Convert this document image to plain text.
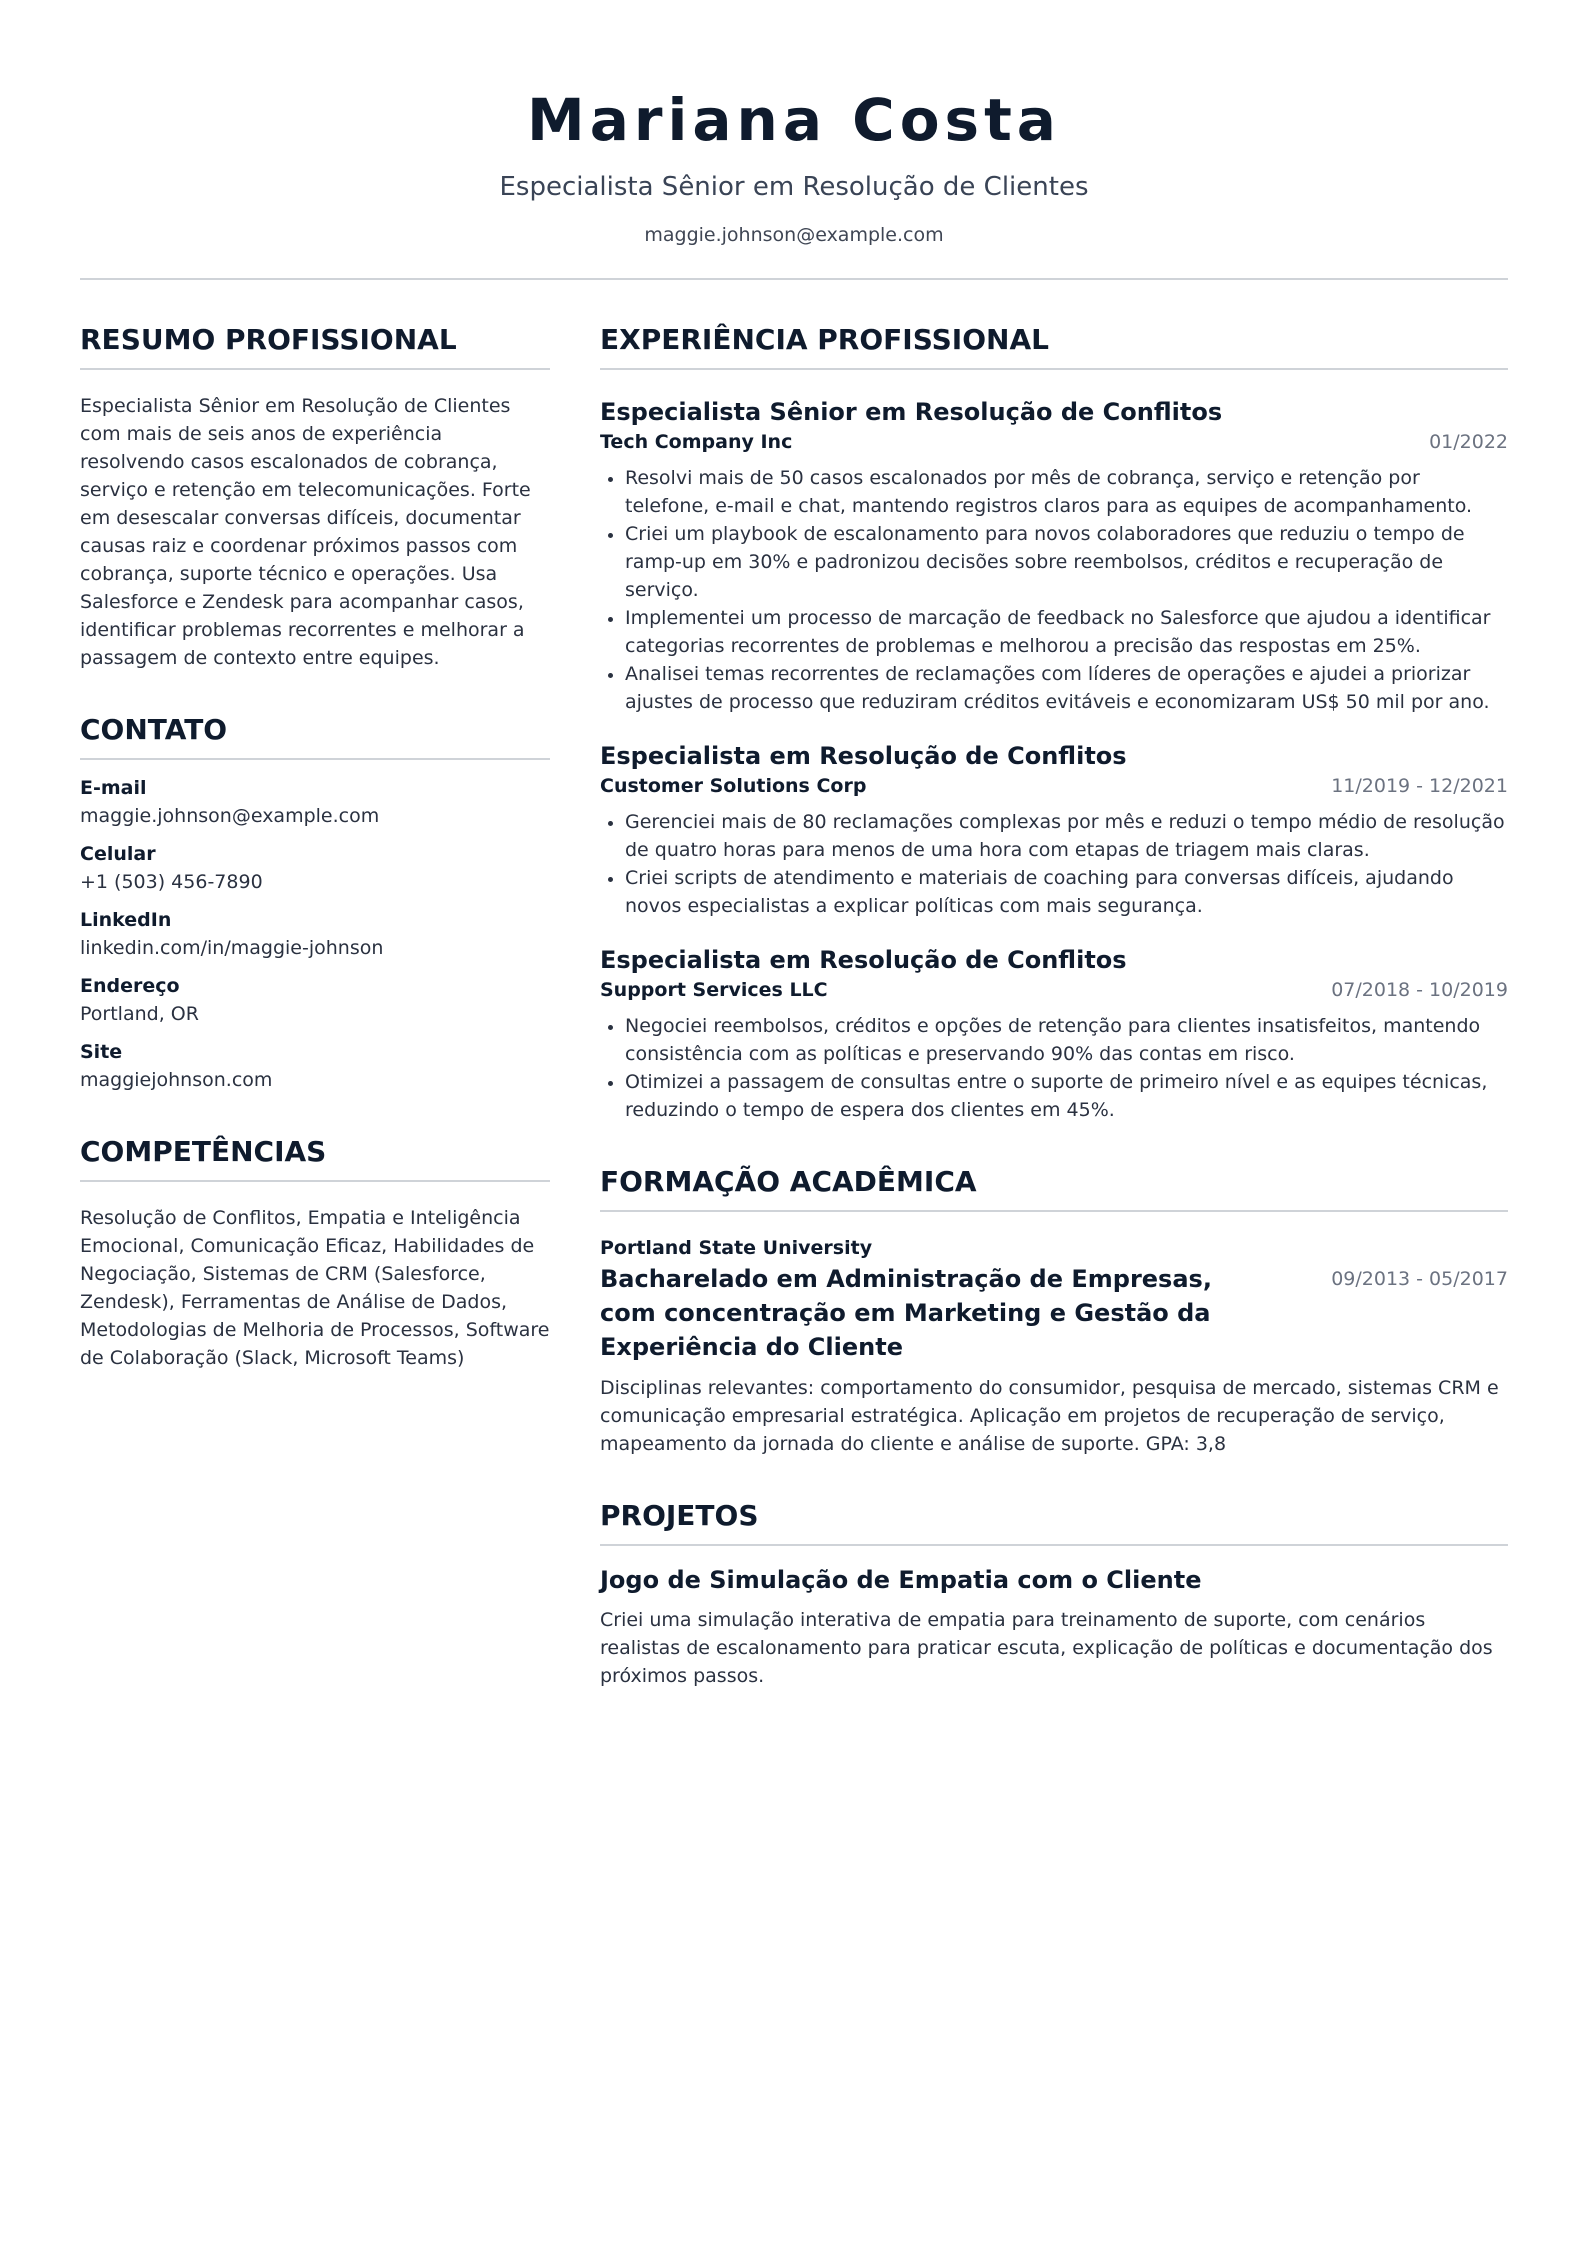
Mariana Costa
Especialista Sênior em Resolução de Clientes
maggie.johnson@example.com
RESUMO PROFISSIONAL
Especialista Sênior em Resolução de Clientes com mais de seis anos de experiência resolvendo casos escalonados de cobrança, serviço e retenção em telecomunicações. Forte em desescalar conversas difíceis, documentar causas raiz e coordenar próximos passos com cobrança, suporte técnico e operações. Usa Salesforce e Zendesk para acompanhar casos, identificar problemas recorrentes e melhorar a passagem de contexto entre equipes.
CONTATO
E-mail
maggie.johnson@example.com
Celular
+1 (503) 456-7890
LinkedIn
linkedin.com/in/maggie-johnson
Endereço
Portland, OR
Site
maggiejohnson.com
COMPETÊNCIAS
Resolução de Conflitos, Empatia e Inteligência Emocional, Comunicação Eficaz, Habilidades de Negociação, Sistemas de CRM (Salesforce, Zendesk), Ferramentas de Análise de Dados, Metodologias de Melhoria de Processos, Software de Colaboração (Slack, Microsoft Teams)
EXPERIÊNCIA PROFISSIONAL
Especialista Sênior em Resolução de Conflitos
Tech Company Inc	01/2022
Resolvi mais de 50 casos escalonados por mês de cobrança, serviço e retenção por telefone, e-mail e chat, mantendo registros claros para as equipes de acompanhamento.
Criei um playbook de escalonamento para novos colaboradores que reduziu o tempo de ramp-up em 30% e padronizou decisões sobre reembolsos, créditos e recuperação de serviço.
Implementei um processo de marcação de feedback no Salesforce que ajudou a identificar categorias recorrentes de problemas e melhorou a precisão das respostas em 25%.
Analisei temas recorrentes de reclamações com líderes de operações e ajudei a priorizar ajustes de processo que reduziram créditos evitáveis e economizaram US$ 50 mil por ano.
Especialista em Resolução de Conflitos
Customer Solutions Corp	11/2019 - 12/2021
Gerenciei mais de 80 reclamações complexas por mês e reduzi o tempo médio de resolução de quatro horas para menos de uma hora com etapas de triagem mais claras.
Criei scripts de atendimento e materiais de coaching para conversas difíceis, ajudando novos especialistas a explicar políticas com mais segurança.
Especialista em Resolução de Conflitos
Support Services LLC	07/2018 - 10/2019
Negociei reembolsos, créditos e opções de retenção para clientes insatisfeitos, mantendo consistência com as políticas e preservando 90% das contas em risco.
Otimizei a passagem de consultas entre o suporte de primeiro nível e as equipes técnicas, reduzindo o tempo de espera dos clientes em 45%.
FORMAÇÃO ACADÊMICA
Portland State University
Bacharelado em Administração de Empresas, com concentração em Marketing e Gestão da Experiência do Cliente
09/2013 - 05/2017
Disciplinas relevantes: comportamento do consumidor, pesquisa de mercado, sistemas CRM e comunicação empresarial estratégica. Aplicação em projetos de recuperação de serviço, mapeamento da jornada do cliente e análise de suporte. GPA: 3,8
PROJETOS
Jogo de Simulação de Empatia com o Cliente
Criei uma simulação interativa de empatia para treinamento de suporte, com cenários realistas de escalonamento para praticar escuta, explicação de políticas e documentação dos próximos passos.
